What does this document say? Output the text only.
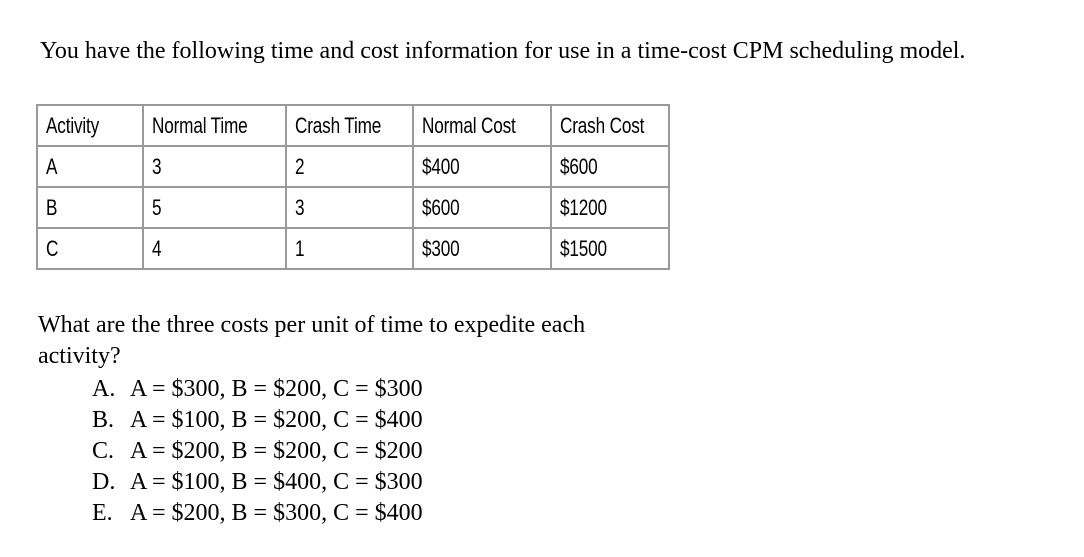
You have the following time and cost information for use in a time-cost CPM scheduling model.
Activity	Normal Time	Crash Time	Normal Cost	Crash Cost
A	3	2	$400	$600
B	5	3	$600	$1200
C	4	1	$300	$1500
What are the three costs per unit of time to expedite each activity?
A. A = $300, B = $200, C = $300
B. A = $100, B = $200, C = $400
C. A = $200, B = $200, C = $200
D. A = $100, B = $400, C = $300
E. A = $200, B = $300, C = $400
